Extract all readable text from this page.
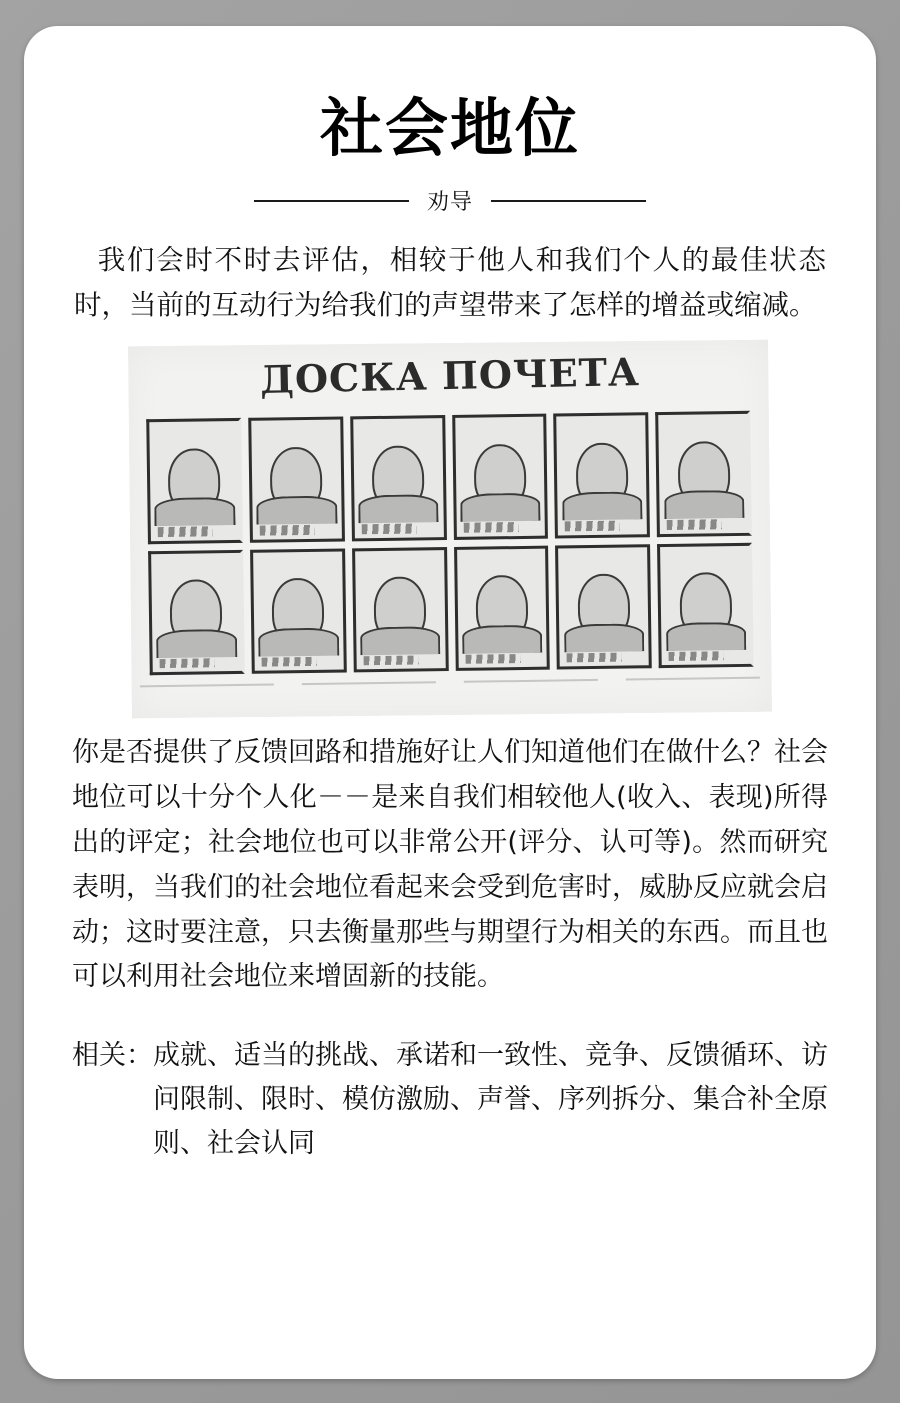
社会地位
劝导

我们会时不时去评估，相较于他人和我们个人的最佳状态时，当前的互动行为给我们的声望带来了怎样的增益或缩减。

ДОСКА ПОЧЕТА

你是否提供了反馈回路和措施好让人们知道他们在做什么？社会地位可以十分个人化－－是来自我们相较他人(收入、表现)所得出的评定；社会地位也可以非常公开(评分、认可等)。然而研究表明，当我们的社会地位看起来会受到危害时，威胁反应就会启动；这时要注意，只去衡量那些与期望行为相关的东西。而且也可以利用社会地位来增固新的技能。

相关： 成就、适当的挑战、承诺和一致性、竞争、反馈循环、访问限制、限时、模仿激励、声誉、序列拆分、集合补全原则、社会认同
